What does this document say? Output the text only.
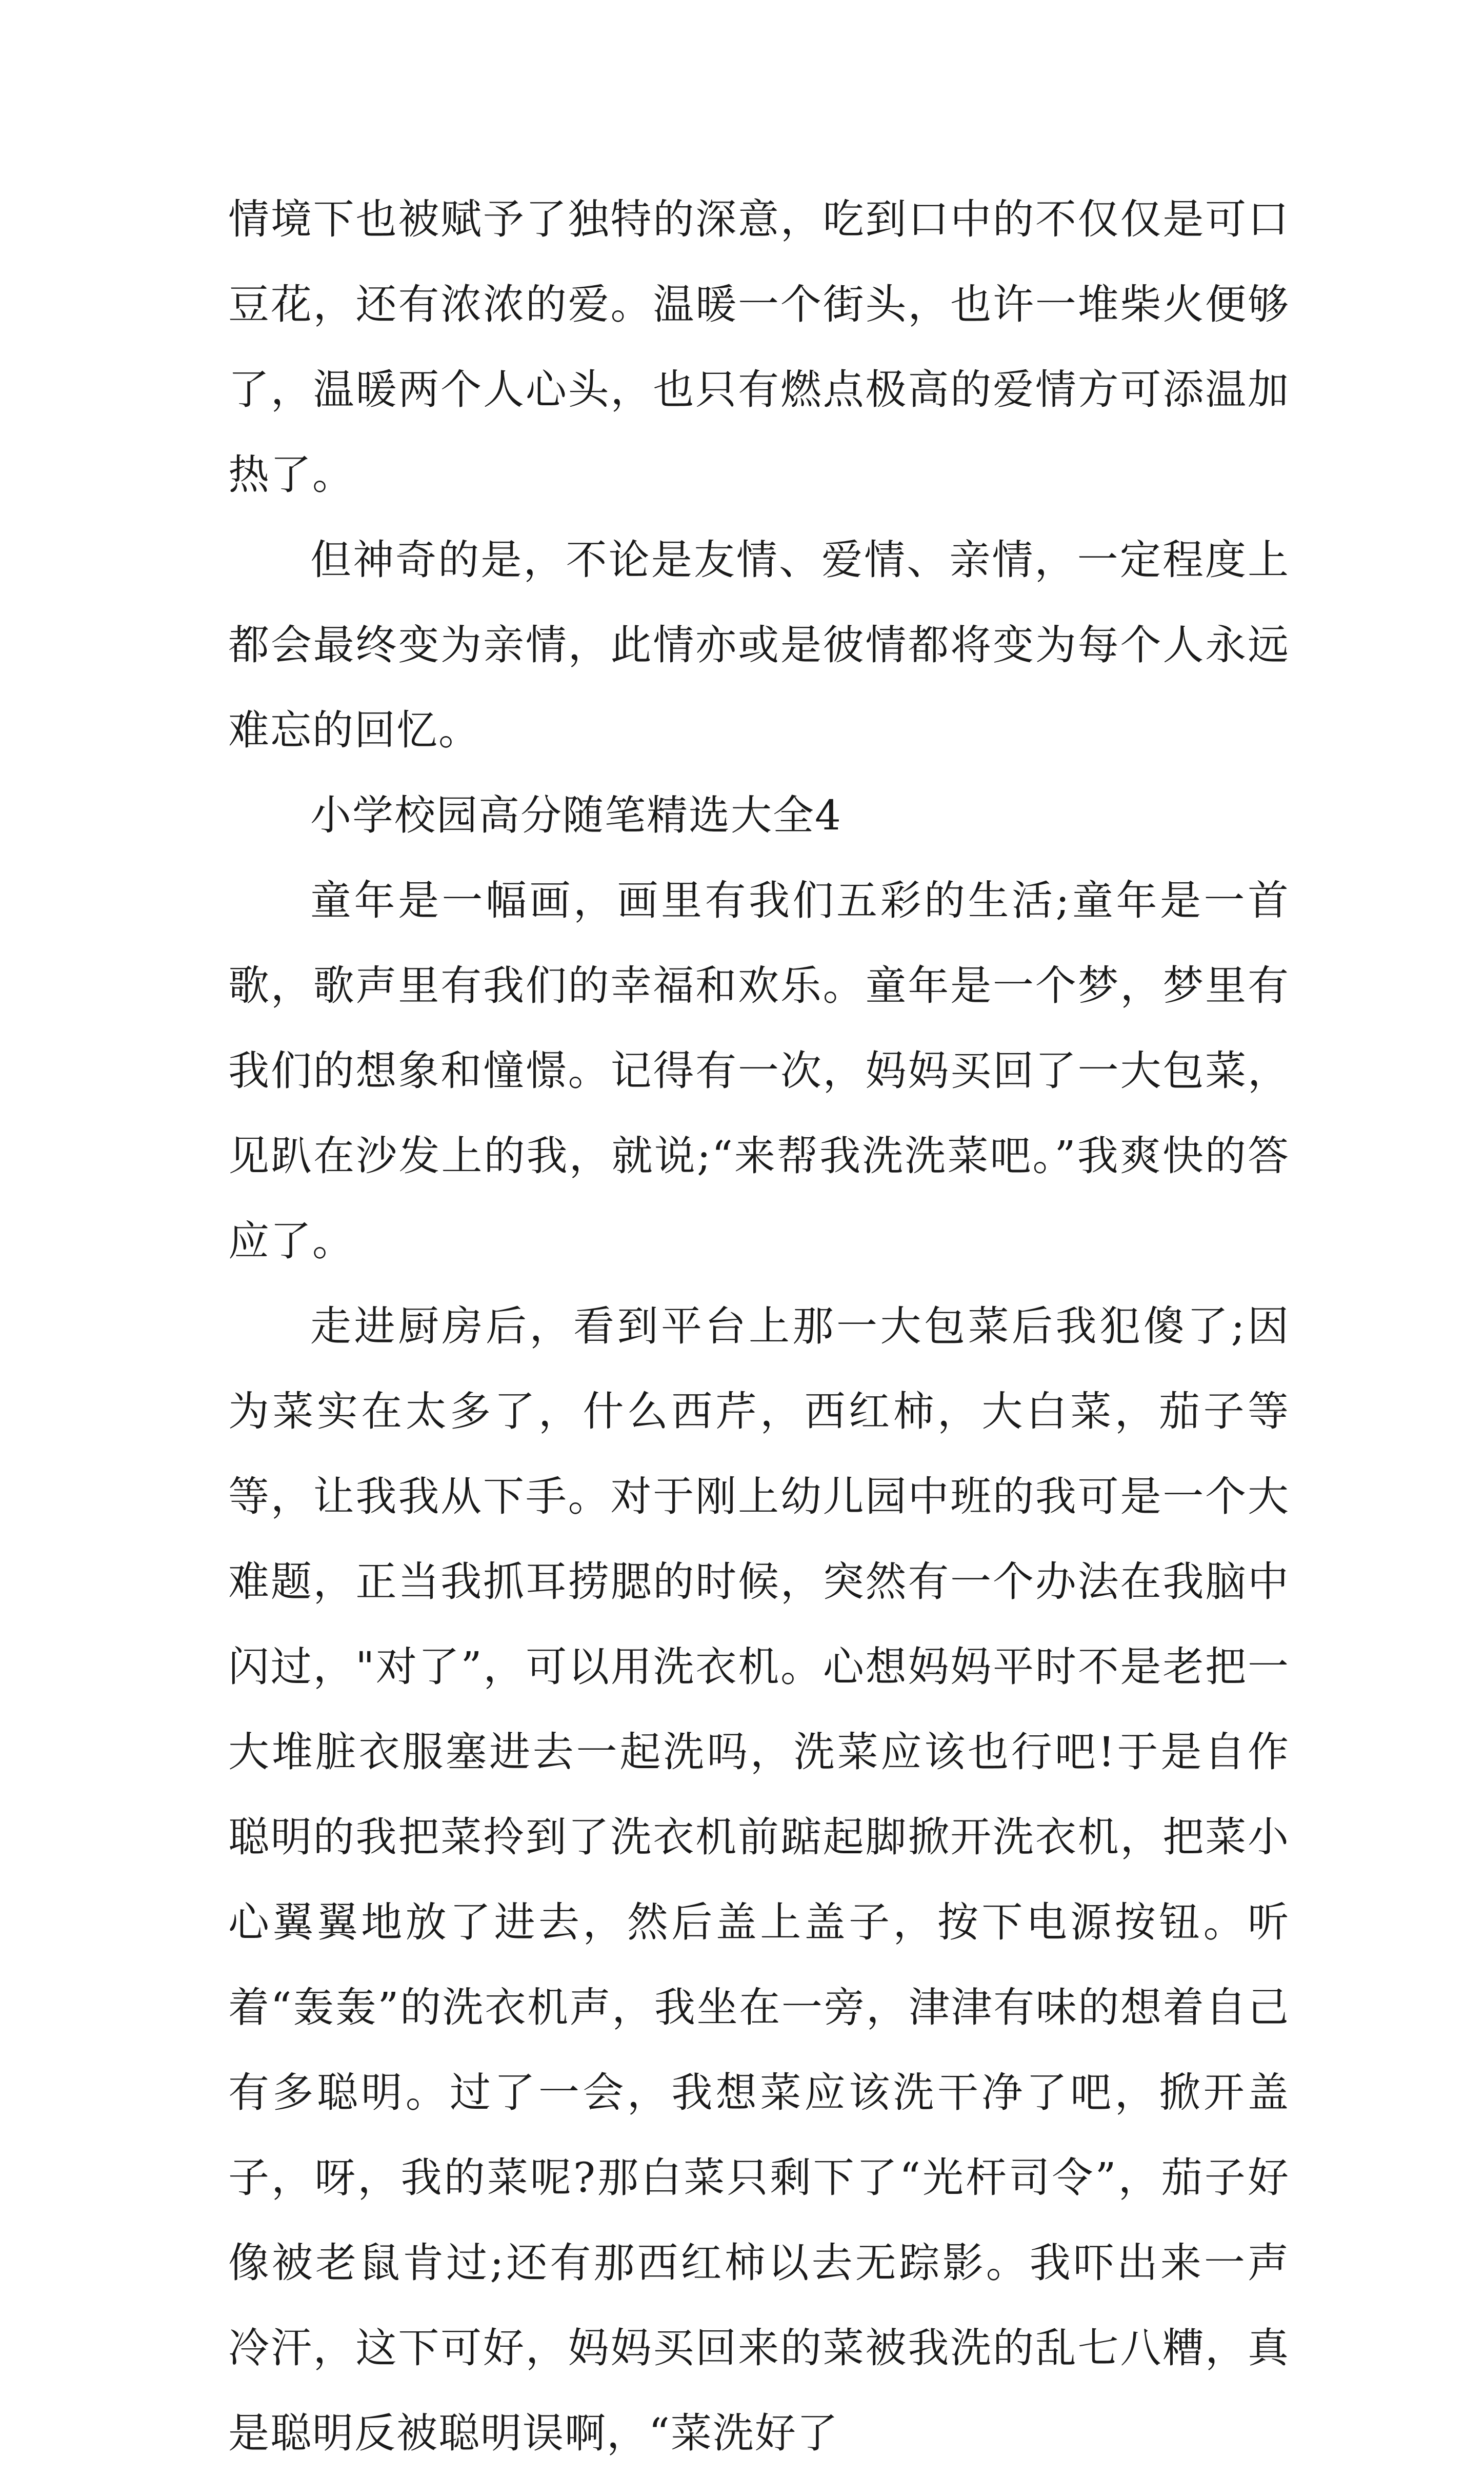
情境下也被赋予了独特的深意，吃到口中的不仅仅是可口豆花，还有浓浓的爱。温暖一个街头，也许一堆柴火便够了，温暖两个人心头，也只有燃点极高的爱情方可添温加热了。

但神奇的是，不论是友情、爱情、亲情，一定程度上都会最终变为亲情，此情亦或是彼情都将变为每个人永远难忘的回忆。

小学校园高分随笔精选大全4

童年是一幅画，画里有我们五彩的生活;童年是一首歌，歌声里有我们的幸福和欢乐。童年是一个梦，梦里有我们的想象和憧憬。记得有一次，妈妈买回了一大包菜，见趴在沙发上的我，就说;“来帮我洗洗菜吧。”我爽快的答应了。

走进厨房后，看到平台上那一大包菜后我犯傻了;因为菜实在太多了，什么西芹，西红柿，大白菜，茄子等等，让我我从下手。对于刚上幼儿园中班的我可是一个大难题，正当我抓耳捞腮的时候，突然有一个办法在我脑中闪过，"对了”，可以用洗衣机。心想妈妈平时不是老把一大堆脏衣服塞进去一起洗吗，洗菜应该也行吧!于是自作聪明的我把菜拎到了洗衣机前踮起脚掀开洗衣机，把菜小心翼翼地放了进去，然后盖上盖子，按下电源按钮。听着“轰轰”的洗衣机声，我坐在一旁，津津有味的想着自己有多聪明。过了一会，我想菜应该洗干净了吧，掀开盖子，呀，我的菜呢?那白菜只剩下了“光杆司令”，茄子好像被老鼠肯过;还有那西红柿以去无踪影。我吓出来一声冷汗，这下可好，妈妈买回来的菜被我洗的乱七八糟，真是聪明反被聪明误啊，“菜洗好了
